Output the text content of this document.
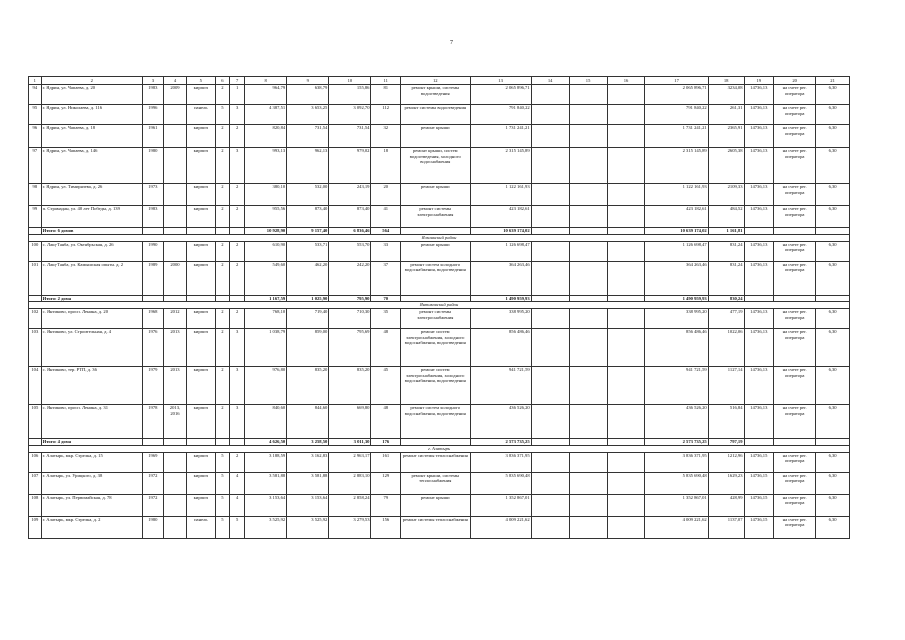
7
1	2	3	4	5	6	7	8	9	10	11	12	13	14	15	16	17	18	19	20	21
94	г. Ядрин, ул. Чапаева, д. 20	1983	2009	кирпич	2	1	964,79	638,79	155,86	81	ремонт крыши, системы водоотведения	2 065 896,71				2 065 896,71	3234,08	14736,13	на счете рег. оператора	6,30
95	г. Ядрин, ул. Николаева, д. 116	1996		панель	5	3	4 387,51	3 653,25	3 092,70	112	ремонт системы водоотведения	791 840,22				791 840,22	261,31	14736,13	на счете рег. оператора	6,30
96	г. Ядрин, ул. Чапаева, д. 18	1961		кирпич	2	2	820,84	731,54	731,54	32	ремонт крыши	1 731 241,21				1 731 241,21	2365,91	14736,13	на счете рег. оператора	6,30
97	г. Ядрин, ул. Чапаева, д. 146	1980		кирпич	2	3	993,13	962,13	979,02	18	ремонт крыши, систем водоотведения, холодного водоснабжения	2 315 145,89				2 315 145,89	2605,38	14736,13	на счете рег. оператора	6,30
98	г. Ядрин, ул. Тимирязева, д. 26	1973		кирпич	2	2	380,10	532,00	243,19	20	ремонт крыши	1 122 161,93				1 122 161,93	2109,33	14736,13	на счете рег. оператора	6,30
99	п. Страмадан, ул. 40 лет Победы, д. 139	1983		кирпич	2	2	955,56	873,40	873,40	41	ремонт системы электроснабжения	423 182,61				423 182,61	484,52	14736,13	на счете рег. оператора	6,30
	Итого: 6 домов						10 928,90	9 157,40	6 836,46	564		10 639 174,02				10 639 174,02	1 161,81			
Яльчикский район																				
100	с. Лащ-Таяба, ул. Октябрьская, д. 26	1990		кирпич	2	2	610,90	533,71	553,70	33	ремонт крыши	1 126 698,47				1 126 698,47	831,24	14736,13	на счете рег. оператора	6,30
101	с. Лащ-Таяба, ул. Камышская опытн. д. 2	1989	2000	кирпич	2	2	549,60	462,20	242,20	37	ремонт систем холодного водоснабжения, водоотведения	364 263,46				364 263,46	831,24	14736,13	на счете рег. оператора	6,30
	Итого: 2 дома						1 167,59	1 025,90	795,90	70		1 490 959,93				1 490 959,93	830,24			
Янтиковский район																				
102	с. Янтиково, просп. Ленина, д. 20	1968	2012	кирпич	2	2	768,10	719,40	710,30	35	ремонт системы электроснабжения	338 995,20				338 995,20	477,19	14736,13	на счете рег. оператора	6,30
103	с. Янтиково, ул. Строительная, д. 4	1976	2013	кирпич	2	3	1 038,79	859,00	795,69	48	ремонт систем электроснабжения, холодного водоснабжения, водоотведения	856 486,46				856 486,46	1022,06	14736,13	на счете рег. оператора	6,30
104	с. Янтиково, тер. РТП, д. 36	1979	2013	кирпич	2	3	976,80	835,20	835,20	45	ремонт систем электроснабжения, холодного водоснабжения, водоотведения	941 721,59				941 721,59	1127,14	14736,13	на счете рег. оператора	6,30
105	с. Янтиково, просп. Ленина, д. 31	1978	2013, 2016	кирпич	2	3	840,60	844,60	669,80	48	ремонт систем холодного водоснабжения, водоотведения	436 526,20				436 526,20	516,84	14736,13	на счете рег. оператора	6,30
	Итого: 4 дома						4 626,50	3 258,50	3 011,30	176		2 573 735,25				2 573 735,25	797,19			
г. Алатырь																				
106	г. Алатырь, мкр. Стрелка, д. 15	1969		кирпич	5	2	3 188,59	3 162,83	2 963,17	161	ремонт системы теплоснабжения	3 836 371,95				3 836 371,95	1212,96	14736,15	на счете рег. оператора	6,30
107	г. Алатырь, ул. Урицкого, д. 38	1972		кирпич	5	4	3 581,88	3 581,88	2 883,10	129	ремонт крыши, системы теплоснабжения	5 835 690,48				5 835 690,48	1629,23	14736,15	на счете рег. оператора	6,30
108	г. Алатырь, ул. Первомайская, д. 78	1972		кирпич	5	4	3 153,64	3 153,64	2 858,24	79	ремонт крыши	1 352 867,01				1 352 867,01	428,99	14736,15	на счете рег. оператора	6,30
109	г. Алатырь, мкр. Стрелка, д. 2	1980		панель	5	5	3 525,92	3 525,92	3 279,53	156	ремонт системы теплоснабжения	4 009 221,62				4 009 221,62	1137,07	14736,15	на счете рег. оператора	6,30
